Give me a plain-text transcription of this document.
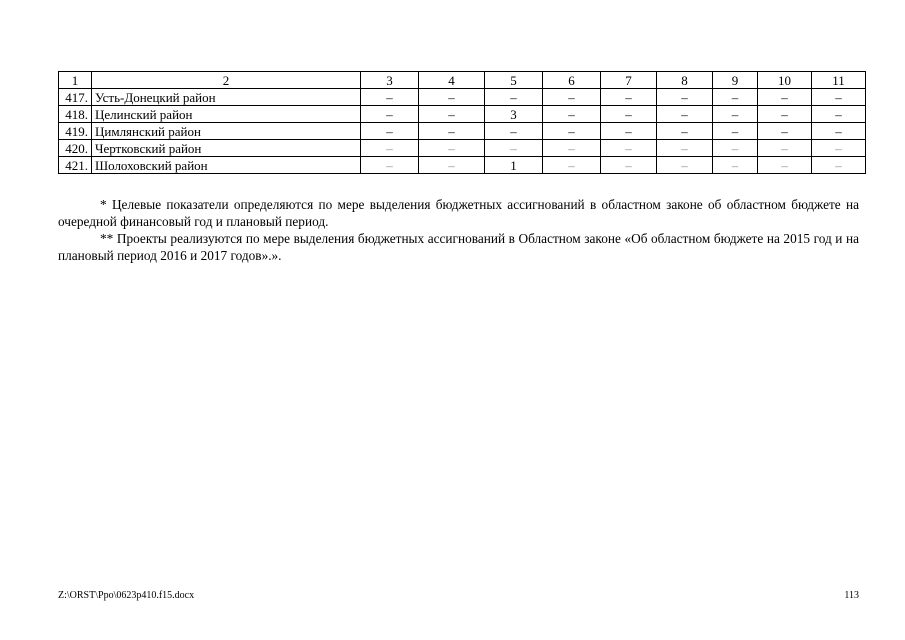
1	2	3	4	5	6	7	8	9	10	11
417.	Усть-Донецкий район	–	–	–	–	–	–	–	–	–
418.	Целинский район	–	–	3	–	–	–	–	–	–
419.	Цимлянский район	–	–	–	–	–	–	–	–	–
420.	Чертковский район	–	–	–	–	–	–	–	–	–
421.	Шолоховский район	–	–	1	–	–	–	–	–	–

* Целевые показатели определяются по мере выделения бюджетных ассигнований в областном законе об областном бюджете на очередной финансовый год и плановый период.

** Проекты реализуются по мере выделения бюджетных ассигнований в Областном законе «Об областном бюджете на 2015 год и на плановый период 2016 и 2017 годов».».

Z:\ORST\Ppo\0623p410.f15.docx	113
